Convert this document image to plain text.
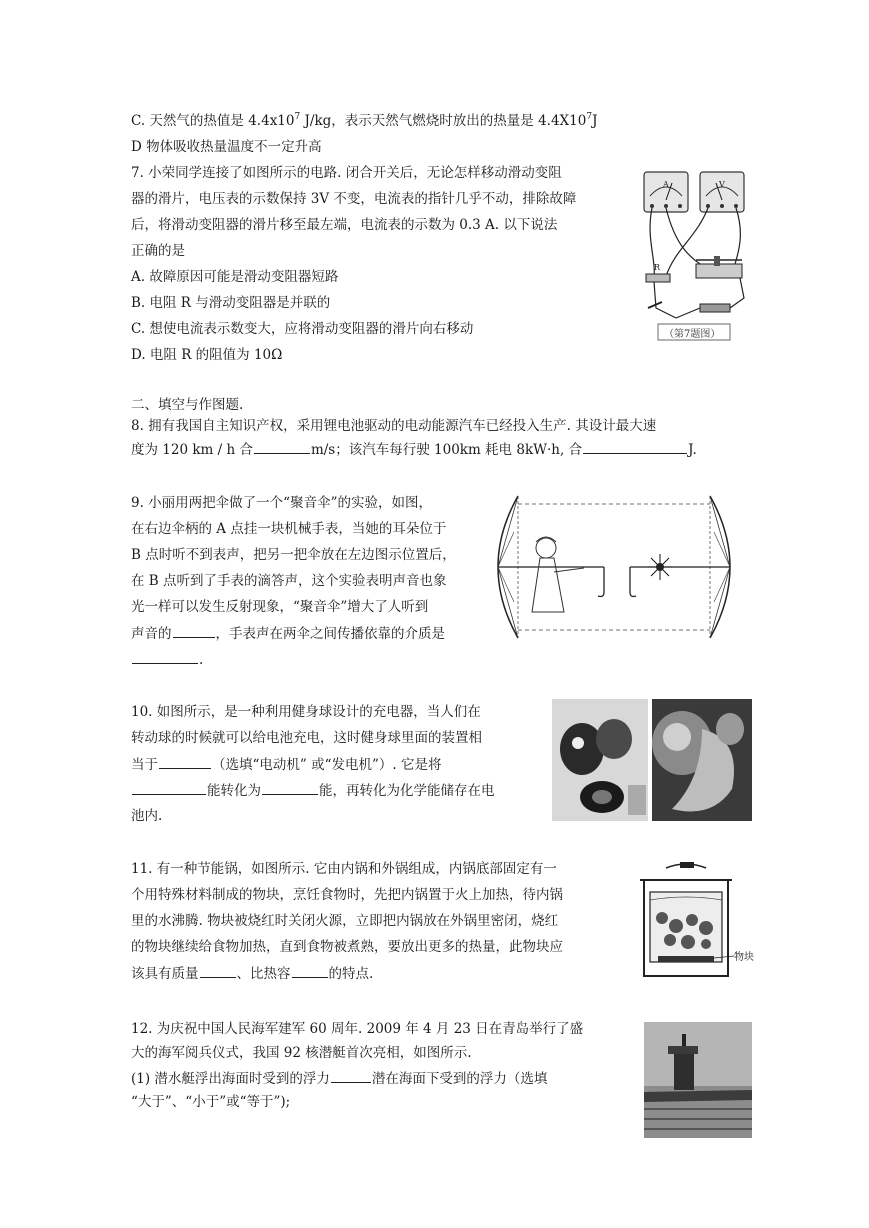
C. 天然气的热值是 $4.4x10^7$ J/kg，表示天然气燃烧时放出的热量是 $4.4X10^7J$
D 物体吸收热量温度不一定升高
7. 小荣同学连接了如图所示的电路. 闭合开关后，无论怎样移动滑动变阻
器的滑片，电压表的示数保持 3V 不变，电流表的指针几乎不动，排除故障
后，将滑动变阻器的滑片移至最左端，电流表的示数为 0.3 A. 以下说法
正确的是
A. 故障原因可能是滑动变阻器短路
B. 电阻 R 与滑动变阻器是并联的
C. 想使电流表示数变大，应将滑动变阻器的滑片向右移动
D. 电阻 R 的阻值为 10Ω
（第7题图）
A	V
R
二、填空与作图题.
8. 拥有我国自主知识产权，采用锂电池驱动的电动能源汽车已经投入生产. 其设计最大速
度为 120 km / h 合	m/s；该汽车每行驶 100km 耗电 8kW·h, 合	J.
9. 小丽用两把伞做了一个“聚音伞”的实验，如图，
在右边伞柄的 A 点挂一块机械手表，当她的耳朵位于
B 点时听不到表声，把另一把伞放在左边图示位置后，
在 B 点听到了手表的滴答声，这个实验表明声音也象
光一样可以发生反射现象，“聚音伞”增大了人听到
声音的	，手表声在两伞之间传播依靠的介质是
.
10. 如图所示，是一种利用健身球设计的充电器，当人们在
转动球的时候就可以给电池充电，这时健身球里面的装置相
当于	（选填“电动机” 或“发电机”）. 它是将
能转化为	能，再转化为化学能储存在电
池内.
11. 有一种节能锅，如图所示. 它由内锅和外锅组成，内锅底部固定有一
个用特殊材料制成的物块，烹饪食物时，先把内锅置于火上加热，待内锅
里的水沸腾. 物块被烧红时关闭火源，立即把内锅放在外锅里密闭，烧红
的物块继续给食物加热，直到食物被煮熟，要放出更多的热量，此物块应
该具有质量	、比热容	的特点.
物块
12. 为庆祝中国人民海军建军 60 周年. 2009 年 4 月 23 日在青岛举行了盛
大的海军阅兵仪式，我国 92 核潜艇首次亮相，如图所示.
(1) 潜水艇浮出海面时受到的浮力	潜在海面下受到的浮力（选填
“大于”、“小于”或“等于”);
